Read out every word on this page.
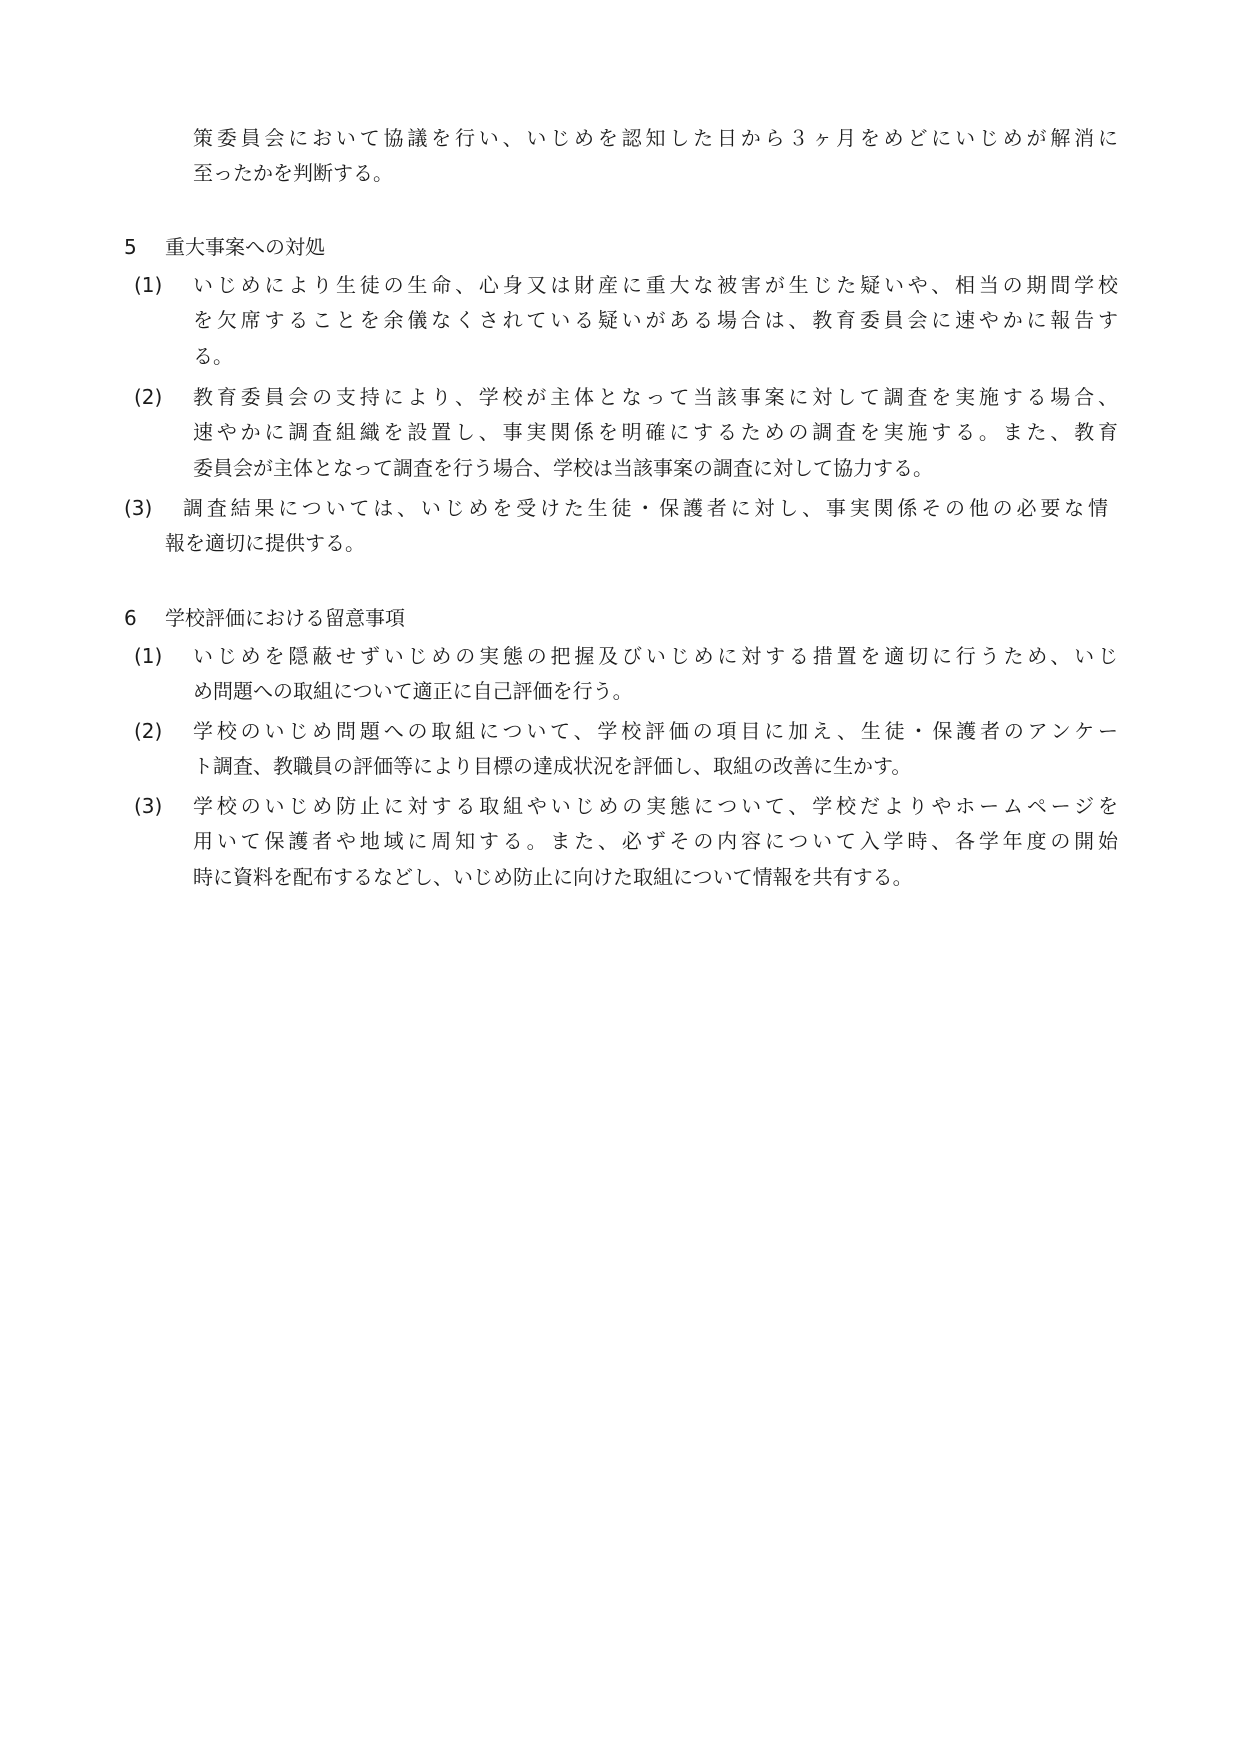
策委員会において協議を行い、いじめを認知した日から３ヶ月をめどにいじめが解消に
至ったかを判断する。
5 重大事案への対処
(1) いじめにより生徒の生命、心身又は財産に重大な被害が生じた疑いや、相当の期間学校
を欠席することを余儀なくされている疑いがある場合は、教育委員会に速やかに報告す
る。
(2) 教育委員会の支持により、学校が主体となって当該事案に対して調査を実施する場合、
速やかに調査組織を設置し、事実関係を明確にするための調査を実施する。また、教育
委員会が主体となって調査を行う場合、学校は当該事案の調査に対して協力する。
(3) 調査結果については、いじめを受けた生徒・保護者に対し、事実関係その他の必要な情
報を適切に提供する。
6 学校評価における留意事項
(1) いじめを隠蔽せずいじめの実態の把握及びいじめに対する措置を適切に行うため、いじ
め問題への取組について適正に自己評価を行う。
(2) 学校のいじめ問題への取組について、学校評価の項目に加え、生徒・保護者のアンケー
ト調査、教職員の評価等により目標の達成状況を評価し、取組の改善に生かす。
(3) 学校のいじめ防止に対する取組やいじめの実態について、学校だよりやホームページを
用いて保護者や地域に周知する。また、必ずその内容について入学時、各学年度の開始
時に資料を配布するなどし、いじめ防止に向けた取組について情報を共有する。
